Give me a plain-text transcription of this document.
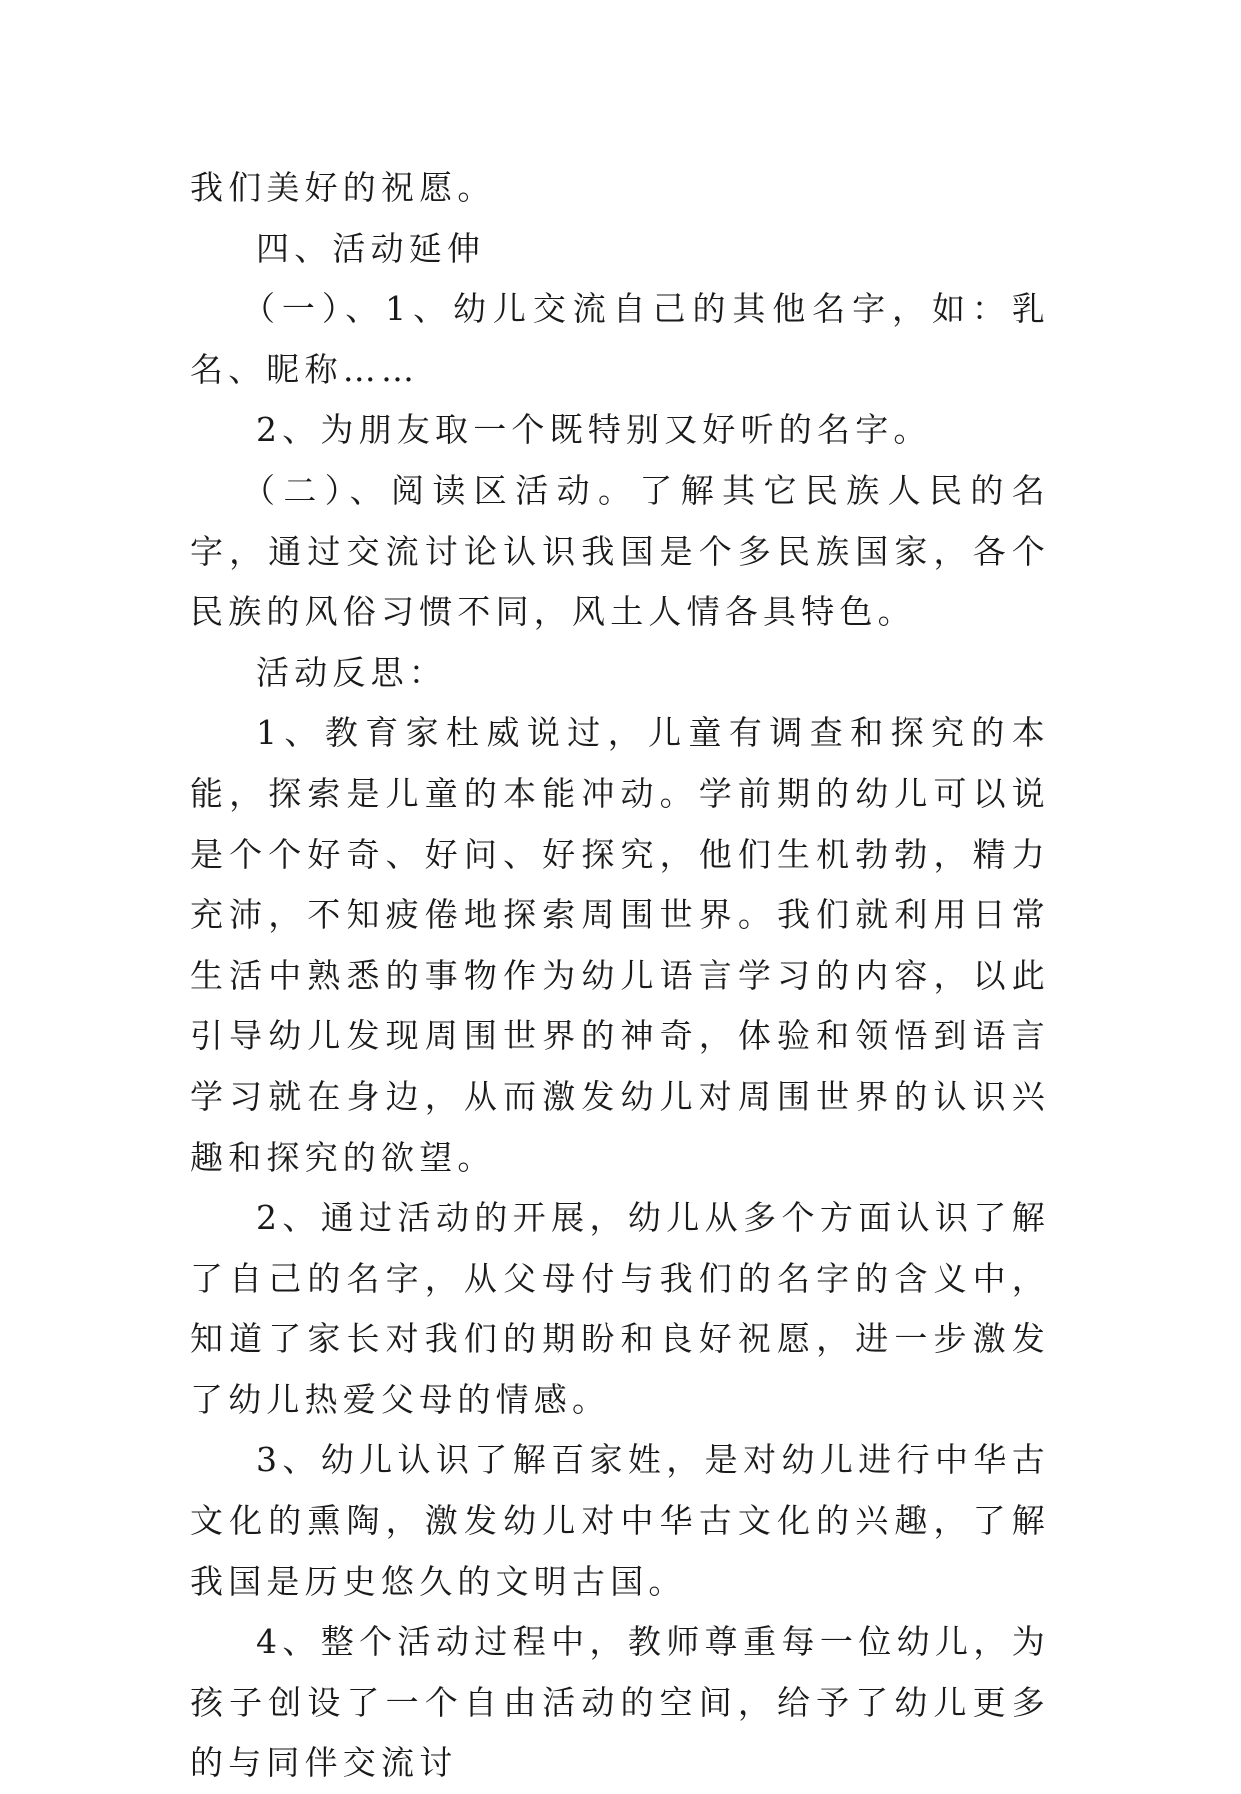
我们美好的祝愿。

四、活动延伸

（一）、1、幼儿交流自己的其他名字，如：乳名、昵称……

2、为朋友取一个既特别又好听的名字。

（二）、阅读区活动。了解其它民族人民的名字，通过交流讨论认识我国是个多民族国家，各个民族的风俗习惯不同，风土人情各具特色。

活动反思：

1、教育家杜威说过，儿童有调查和探究的本能，探索是儿童的本能冲动。学前期的幼儿可以说是个个好奇、好问、好探究，他们生机勃勃，精力充沛，不知疲倦地探索周围世界。我们就利用日常生活中熟悉的事物作为幼儿语言学习的内容，以此引导幼儿发现周围世界的神奇，体验和领悟到语言学习就在身边，从而激发幼儿对周围世界的认识兴趣和探究的欲望。

2、通过活动的开展，幼儿从多个方面认识了解了自己的名字，从父母付与我们的名字的含义中，知道了家长对我们的期盼和良好祝愿，进一步激发了幼儿热爱父母的情感。

3、幼儿认识了解百家姓，是对幼儿进行中华古文化的熏陶，激发幼儿对中华古文化的兴趣，了解我国是历史悠久的文明古国。

4、整个活动过程中，教师尊重每一位幼儿，为孩子创设了一个自由活动的空间，给予了幼儿更多的与同伴交流讨
